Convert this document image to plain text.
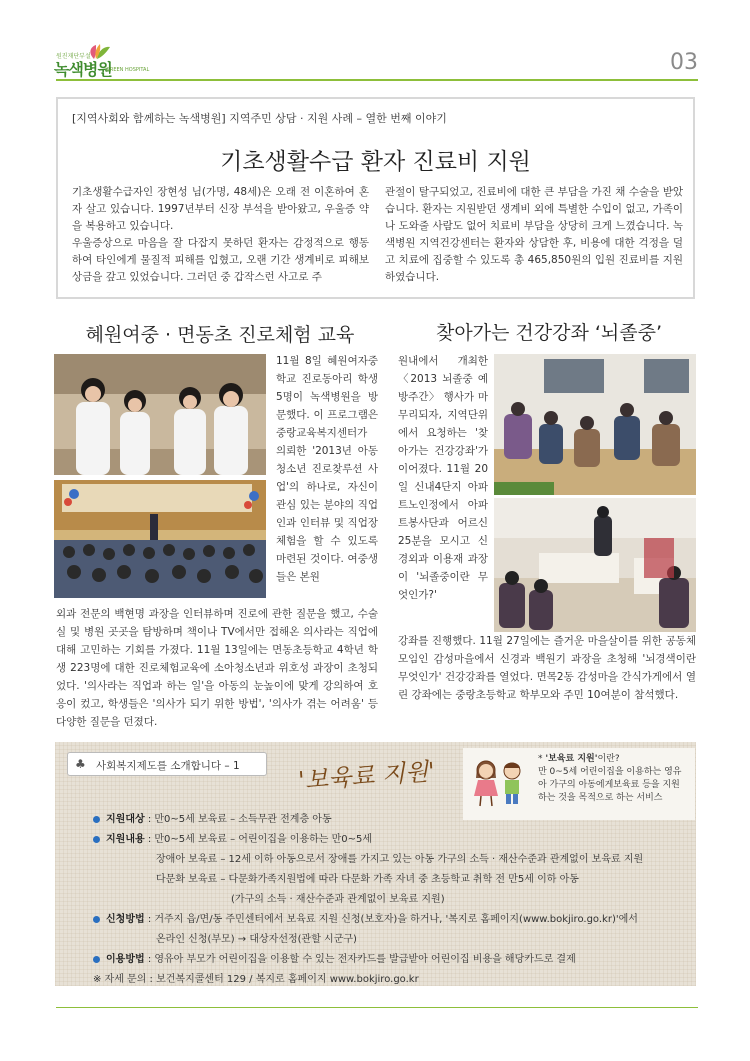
원진재단부설
녹색병원
GREEN HOSPITAL	03
[지역사회와 함께하는 녹색병원] 지역주민 상담 · 지원 사례 – 열한 번째 이야기
기초생활수급 환자 진료비 지원

기초생활수급자인 장현성 님(가명, 48세)은 오래 전 이혼하여 혼자 살고 있습니다. 1997년부터 신장 부석을 받아왔고, 우울증 약을 복용하고 있습니다.

우울증상으로 마음을 잘 다잡지 못하던 환자는 감정적으로 행동하여 타인에게 물질적 피해를 입혔고, 오랜 기간 생계비로 피해보상금을 갚고 있었습니다. 그러던 중 갑작스런 사고로 주

관절이 탈구되었고, 진료비에 대한 큰 부담을 가진 채 수술을 받았습니다. 환자는 지원받던 생계비 외에 특별한 수입이 없고, 가족이나 도와줄 사람도 없어 치료비 부담을 상당히 크게 느꼈습니다. 녹색병원 지역건강센터는 환자와 상담한 후, 비용에 대한 걱정을 덜고 치료에 집중할 수 있도록 총 465,850원의 입원 진료비를 지원하였습니다.

혜원여중 · 면동초 진로체험 교육
11월 8일 혜원여자중학교 진로동아리 학생 5명이 녹색병원을 방문했다. 이 프로그램은 중랑교육복지센터가 의뢰한 '2013년 아동 청소년 진로찾루션 사업'의 하나로, 자신이 관심 있는 분야의 직업인과 인터뷰 및 직업장 체험을 할 수 있도록 마련된 것이다. 여중생들은 본원
외과 전문의 백현명 과장을 인터뷰하며 진로에 관한 질문을 했고, 수술실 및 병원 곳곳을 탐방하며 책이나 TV에서만 접해온 의사라는 직업에 대해 고민하는 기회를 가졌다. 11월 13일에는 면동초등학교 4학년 학생 223명에 대한 진로체험교육에 소아청소년과 위호성 과장이 초청되었다. '의사라는 직업과 하는 일'을 아동의 눈높이에 맞게 강의하여 호응이 컸고, 학생들은 '의사가 되기 위한 방법', '의사가 겪는 어려움' 등 다양한 질문을 던졌다.
찾아가는 건강강좌 ‘뇌졸중’
원내에서 개최한 〈2013 뇌졸중 예방주간〉 행사가 마무리되자, 지역단위에서 요청하는 '찾아가는 건강강좌'가 이어졌다. 11월 20일 신내4단지 아파트노인정에서 아파트봉사단과 어르신 25분을 모시고 신경외과 이용재 과장이 '뇌졸중이란 무엇인가?'
강좌를 진행했다. 11월 27일에는 즐거운 마을살이를 위한 공동체모임인 감성마을에서 신경과 백원기 과장을 초청해 '뇌경색이란 무엇인가' 건강강좌를 열었다. 면목2동 감성마을 간식가게에서 열린 강좌에는 중랑초등학교 학부모와 주민 10여분이 참석했다.
♣ 사회복지제도를 소개합니다 – 1 '보육료 지원'	* '보육료 지원'이란?
만 0~5세 어린이집을 이용하는 영유아 가구의 아동에게보육료 등을 지원하는 것을 목적으로 하는 서비스
지원대상 : 만0~5세 보육료 – 소득무관 전계층 아동
지원내용 : 만0~5세 보육료 – 어린이집을 이용하는 만0~5세
장애아 보육료 – 12세 이하 아동으로서 장애를 가지고 있는 아동 가구의 소득 · 재산수준과 관계없이 보육료 지원
다문화 보육료 – 다문화가족지원법에 따라 다문화 가족 자녀 중 초등학교 취학 전 만5세 이하 아동
(가구의 소득 · 재산수준과 관계없이 보육료 지원)
신청방법 : 거주지 읍/면/동 주민센터에서 보육료 지원 신청(보호자)을 하거나, '복지로 홈페이지(www.bokjiro.go.kr)'에서
온라인 신청(부모) → 대상자선정(관할 시군구)
이용방법 : 영유아 부모가 어린이집을 이용할 수 있는 전자카드를 발급받아 어린이집 비용을 해당카드로 결제
※ 자세 문의 : 보건복지콜센터 129 / 복지로 홈페이지 www.bokjiro.go.kr
